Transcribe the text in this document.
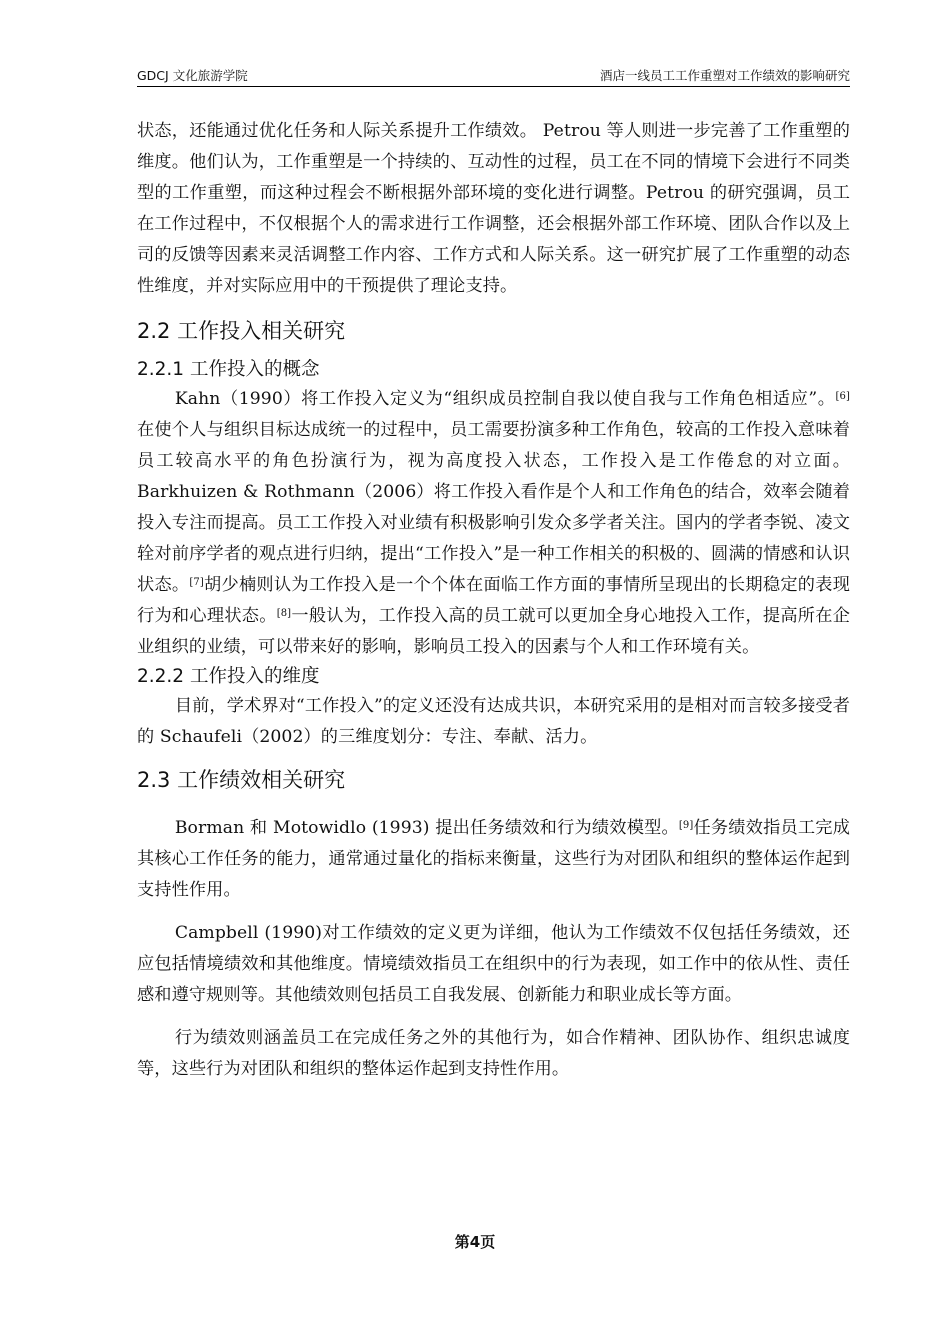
GDCJ 文化旅游学院	酒店一线员工工作重塑对工作绩效的影响研究

状态，还能通过优化任务和人际关系提升工作绩效。 Petrou 等人则进一步完善了工作重塑的维度。他们认为，工作重塑是一个持续的、互动性的过程，员工在不同的情境下会进行不同类型的工作重塑，而这种过程会不断根据外部环境的变化进行调整。Petrou 的研究强调，员工在工作过程中，不仅根据个人的需求进行工作调整，还会根据外部工作环境、团队合作以及上司的反馈等因素来灵活调整工作内容、工作方式和人际关系。这一研究扩展了工作重塑的动态性维度，并对实际应用中的干预提供了理论支持。

2.2 工作投入相关研究
2.2.1 工作投入的概念

Kahn（1990）将工作投入定义为“组织成员控制自我以使自我与工作角色相适应”。[6]在使个人与组织目标达成统一的过程中，员工需要扮演多种工作角色，较高的工作投入意味着员工较高水平的角色扮演行为，视为高度投入状态，工作投入是工作倦怠的对立面。Barkhuizen & Rothmann（2006）将工作投入看作是个人和工作角色的结合，效率会随着投入专注而提高。员工工作投入对业绩有积极影响引发众多学者关注。国内的学者李锐、凌文辁对前序学者的观点进行归纳，提出“工作投入”是一种工作相关的积极的、圆满的情感和认识状态。[7]胡少楠则认为工作投入是一个个体在面临工作方面的事情所呈现出的长期稳定的表现行为和心理状态。[8]一般认为，工作投入高的员工就可以更加全身心地投入工作，提高所在企业组织的业绩，可以带来好的影响，影响员工投入的因素与个人和工作环境有关。

2.2.2 工作投入的维度

目前，学术界对“工作投入”的定义还没有达成共识，本研究采用的是相对而言较多接受者的 Schaufeli（2002）的三维度划分：专注、奉献、活力。

2.3 工作绩效相关研究

Borman 和 Motowidlo (1993) 提出任务绩效和行为绩效模型。[9]任务绩效指员工完成其核心工作任务的能力，通常通过量化的指标来衡量，这些行为对团队和组织的整体运作起到支持性作用。

Campbell (1990)对工作绩效的定义更为详细，他认为工作绩效不仅包括任务绩效，还应包括情境绩效和其他维度。情境绩效指员工在组织中的行为表现，如工作中的依从性、责任感和遵守规则等。其他绩效则包括员工自我发展、创新能力和职业成长等方面。

行为绩效则涵盖员工在完成任务之外的其他行为，如合作精神、团队协作、组织忠诚度等，这些行为对团队和组织的整体运作起到支持性作用。

第4页
